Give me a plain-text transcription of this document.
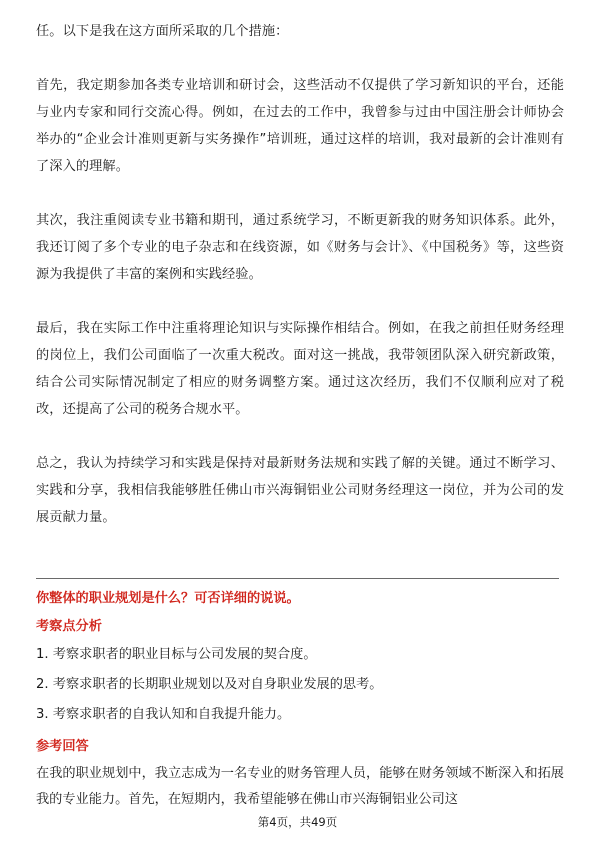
任。以下是我在这方面所采取的几个措施：

首先，我定期参加各类专业培训和研讨会，这些活动不仅提供了学习新知识的平台，还能与业内专家和同行交流心得。例如，在过去的工作中，我曾参与过由中国注册会计师协会举办的“企业会计准则更新与实务操作”培训班，通过这样的培训，我对最新的会计准则有了深入的理解。

其次，我注重阅读专业书籍和期刊，通过系统学习，不断更新我的财务知识体系。此外，我还订阅了多个专业的电子杂志和在线资源，如《财务与会计》、《中国税务》等，这些资源为我提供了丰富的案例和实践经验。

最后，我在实际工作中注重将理论知识与实际操作相结合。例如，在我之前担任财务经理的岗位上，我们公司面临了一次重大税改。面对这一挑战，我带领团队深入研究新政策，结合公司实际情况制定了相应的财务调整方案。通过这次经历，我们不仅顺利应对了税改，还提高了公司的税务合规水平。

总之，我认为持续学习和实践是保持对最新财务法规和实践了解的关键。通过不断学习、实践和分享，我相信我能够胜任佛山市兴海铜铝业公司财务经理这一岗位，并为公司的发展贡献力量。

你整体的职业规划是什么？可否详细的说说。

考察点分析

1. 考察求职者的职业目标与公司发展的契合度。

2. 考察求职者的长期职业规划以及对自身职业发展的思考。

3. 考察求职者的自我认知和自我提升能力。

参考回答

在我的职业规划中，我立志成为一名专业的财务管理人员，能够在财务领域不断深入和拓展我的专业能力。首先，在短期内，我希望能够在佛山市兴海铜铝业公司这

第4页，共49页
